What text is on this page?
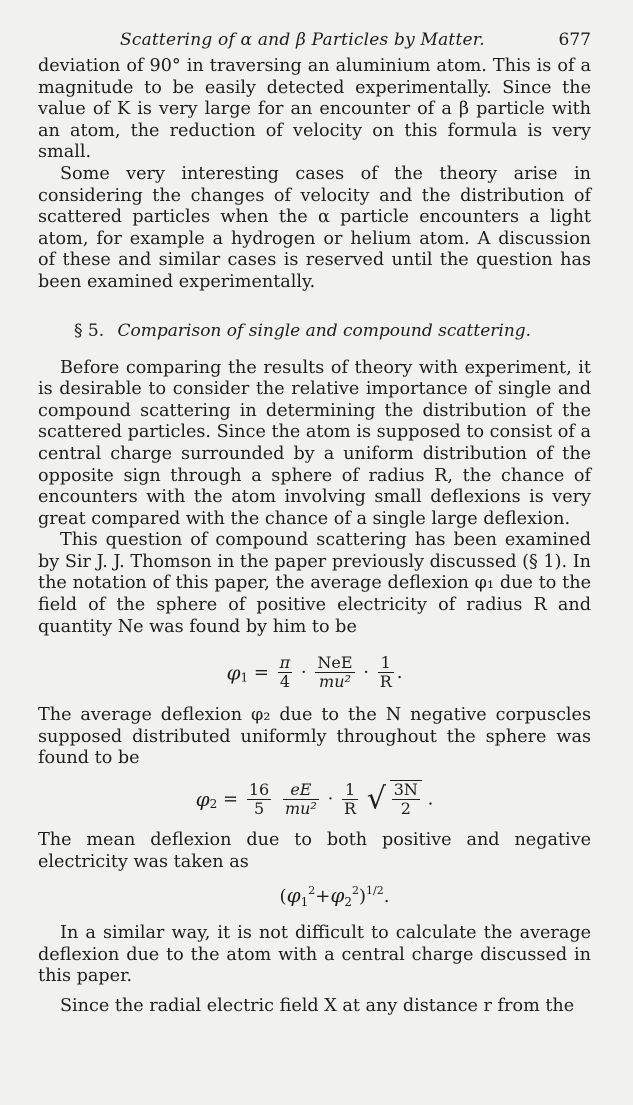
Scattering of α and β Particles by Matter.	677

deviation of 90° in traversing an aluminium atom. This is of a magnitude to be easily detected experimentally. Since the value of K is very large for an encounter of a β particle with an atom, the reduction of velocity on this formula is very small.

Some very interesting cases of the theory arise in considering the changes of velocity and the distribution of scattered particles when the α particle encounters a light atom, for example a hydrogen or helium atom. A discussion of these and similar cases is reserved until the question has been examined experimentally.

§ 5. Comparison of single and compound scattering.

Before comparing the results of theory with experiment, it is desirable to consider the relative importance of single and compound scattering in determining the distribution of the scattered particles. Since the atom is supposed to consist of a central charge surrounded by a uniform distribution of the opposite sign through a sphere of radius R, the chance of encounters with the atom involving small deflexions is very great compared with the chance of a single large deflexion.

This question of compound scattering has been examined by Sir J. J. Thomson in the paper previously discussed (§ 1). In the notation of this paper, the average deflexion φ₁ due to the field of the sphere of positive electricity of radius R and quantity Ne was found by him to be

$\varphi_1 = \frac{\pi}{4} \cdot \frac{\text{NeE}}{\text{mu²}} \cdot \frac{1}{R}$ .

The average deflexion φ₂ due to the N negative corpuscles supposed distributed uniformly throughout the sphere was found to be

$\varphi_2 = \frac{16}{5}$
$\frac{eE}{\text{mu²}} \cdot \frac{1}{R}$ √ $\frac{3N}{2}$ .

The mean deflexion due to both positive and negative electricity was taken as

$(\varphi_1^2+\varphi_2^2)^{1/2}$.

In a similar way, it is not difficult to calculate the average deflexion due to the atom with a central charge discussed in this paper.

Since the radial electric field X at any distance r from the
